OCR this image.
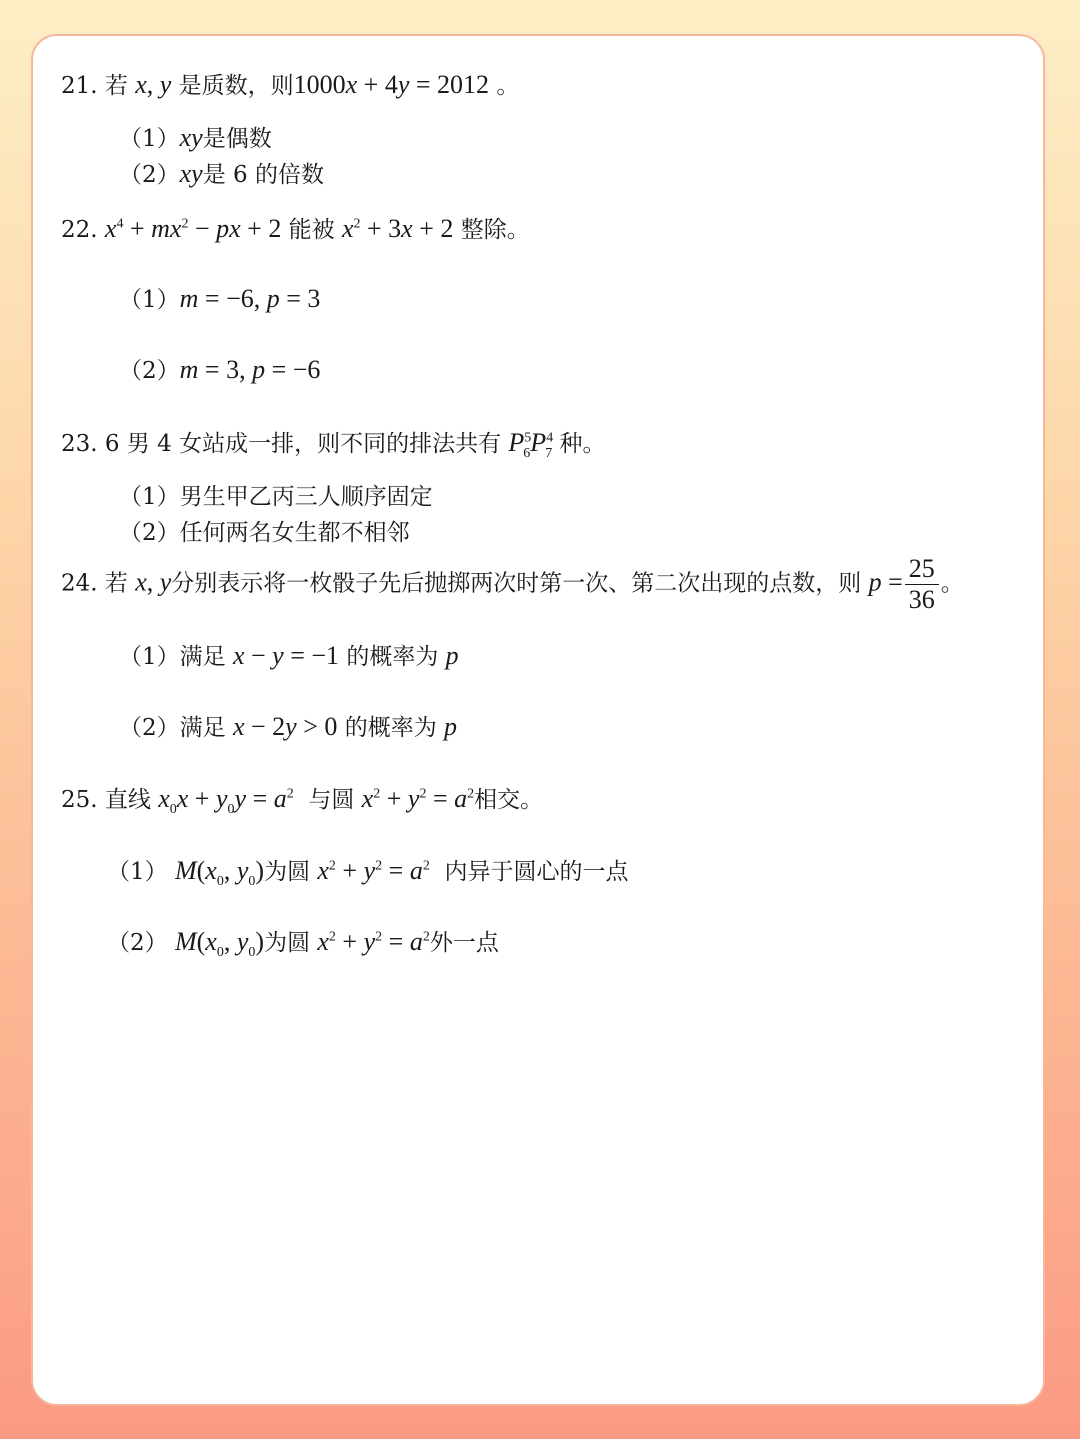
21. 若 x, y 是质数，则1000x + 4y = 2012 。
（1）xy是偶数
（2）xy是 6 的倍数
22. $x^4 + mx^2$ − px + 2 能被 $x^2 + 3x + 2$ 整除。
（1）m = −6, p = 3
（2）m = 3, p = −6
23. 6 男 4 女站成一排，则不同的排法共有 $P^5_6P^4_7$ 种。
（1）男生甲乙丙三人顺序固定
（2）任何两名女生都不相邻
24. 若 x, y分别表示将一枚骰子先后抛掷两次时第一次、第二次出现的点数，则 $p = \frac{25}{36}$ 。
（1）满足 x − y = −1 的概率为 p
（2）满足 x − 2y > 0 的概率为 p
25. 直线 $x_0x + y_0y = a^2$ 与圆 $x^2 + y^2 = a^2$相交。
（1） $M(x_0$, $y_0$)为圆 $x^2 + y^2 = a^2$ 内异于圆心的一点
（2） $M(x_0$, $y_0$)为圆 $x^2 + y^2 = a^2$外一点
